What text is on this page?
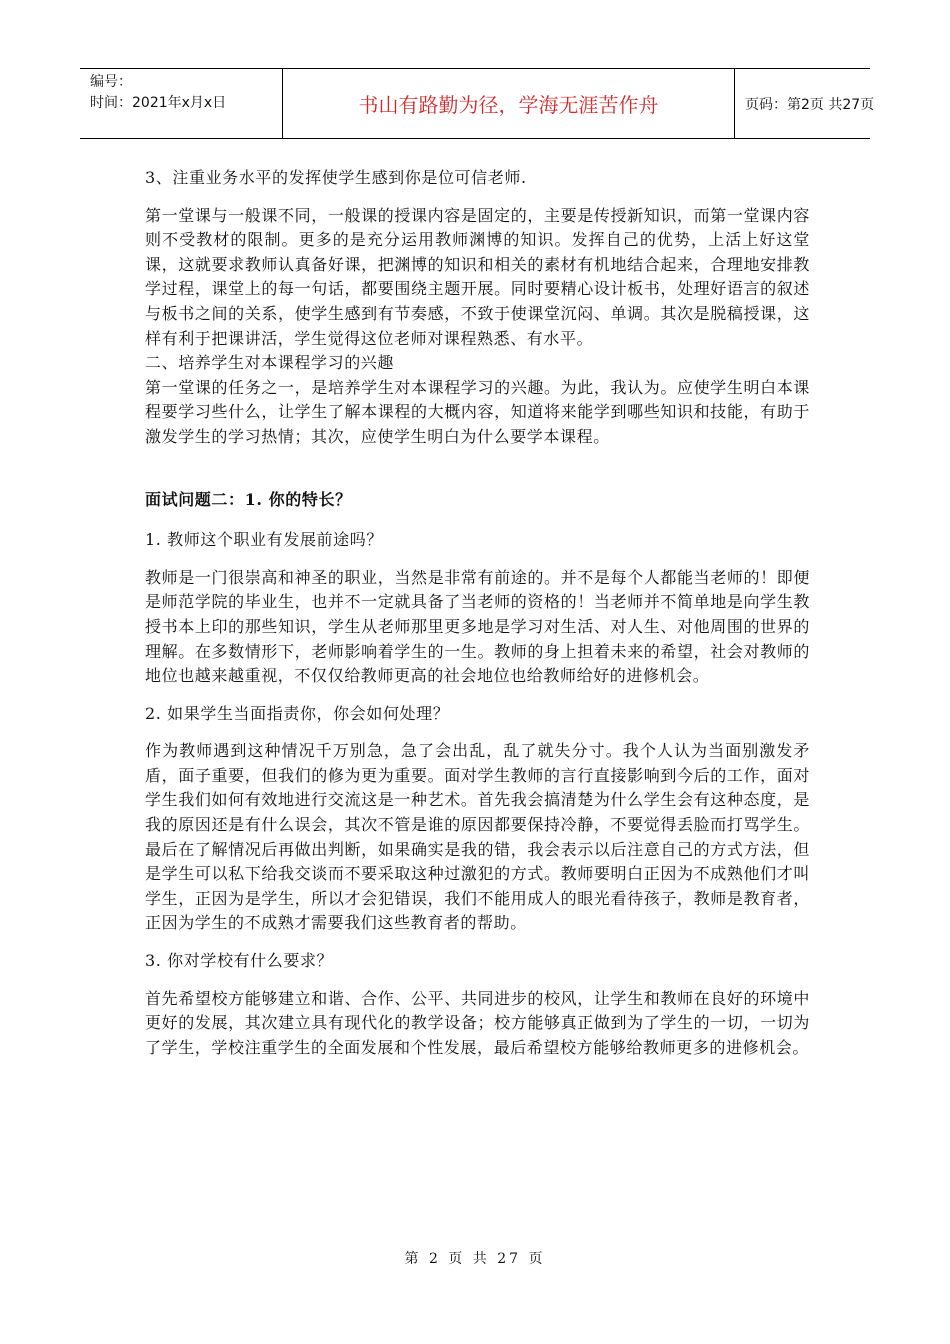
编号：
时间：2021年x月x日	书山有路勤为径，学海无涯苦作舟	页码：第2页 共27页

3、注重业务水平的发挥使学生感到你是位可信老师.

第一堂课与一般课不同，一般课的授课内容是固定的，主要是传授新知识，而第一堂课内容则不受教材的限制。更多的是充分运用教师渊博的知识。发挥自己的优势，上活上好这堂课，这就要求教师认真备好课，把渊博的知识和相关的素材有机地结合起来，合理地安排教学过程，课堂上的每一句话，都要围绕主题开展。同时要精心设计板书，处理好语言的叙述与板书之间的关系，使学生感到有节奏感，不致于使课堂沉闷、单调。其次是脱稿授课，这样有利于把课讲活，学生觉得这位老师对课程熟悉、有水平。

二、培养学生对本课程学习的兴趣

第一堂课的任务之一，是培养学生对本课程学习的兴趣。为此，我认为。应使学生明白本课程要学习些什么，让学生了解本课程的大概内容，知道将来能学到哪些知识和技能，有助于激发学生的学习热情；其次，应使学生明白为什么要学本课程。

面试问题二：1. 你的特长？

1. 教师这个职业有发展前途吗？

教师是一门很崇高和神圣的职业，当然是非常有前途的。并不是每个人都能当老师的！即便是师范学院的毕业生，也并不一定就具备了当老师的资格的！当老师并不简单地是向学生教授书本上印的那些知识，学生从老师那里更多地是学习对生活、对人生、对他周围的世界的理解。在多数情形下，老师影响着学生的一生。教师的身上担着未来的希望，社会对教师的地位也越来越重视，不仅仅给教师更高的社会地位也给教师给好的进修机会。

2. 如果学生当面指责你，你会如何处理？

作为教师遇到这种情况千万别急，急了会出乱，乱了就失分寸。我个人认为当面别激发矛盾，面子重要，但我们的修为更为重要。面对学生教师的言行直接影响到今后的工作，面对学生我们如何有效地进行交流这是一种艺术。首先我会搞清楚为什么学生会有这种态度，是我的原因还是有什么误会，其次不管是谁的原因都要保持冷静，不要觉得丢脸而打骂学生。最后在了解情况后再做出判断，如果确实是我的错，我会表示以后注意自己的方式方法，但是学生可以私下给我交谈而不要采取这种过激犯的方式。教师要明白正因为不成熟他们才叫学生，正因为是学生，所以才会犯错误，我们不能用成人的眼光看待孩子，教师是教育者，正因为学生的不成熟才需要我们这些教育者的帮助。

3. 你对学校有什么要求？

首先希望校方能够建立和谐、合作、公平、共同进步的校风，让学生和教师在良好的环境中更好的发展，其次建立具有现代化的教学设备；校方能够真正做到为了学生的一切，一切为了学生，学校注重学生的全面发展和个性发展，最后希望校方能够给教师更多的进修机会。

第 2 页 共 27 页
